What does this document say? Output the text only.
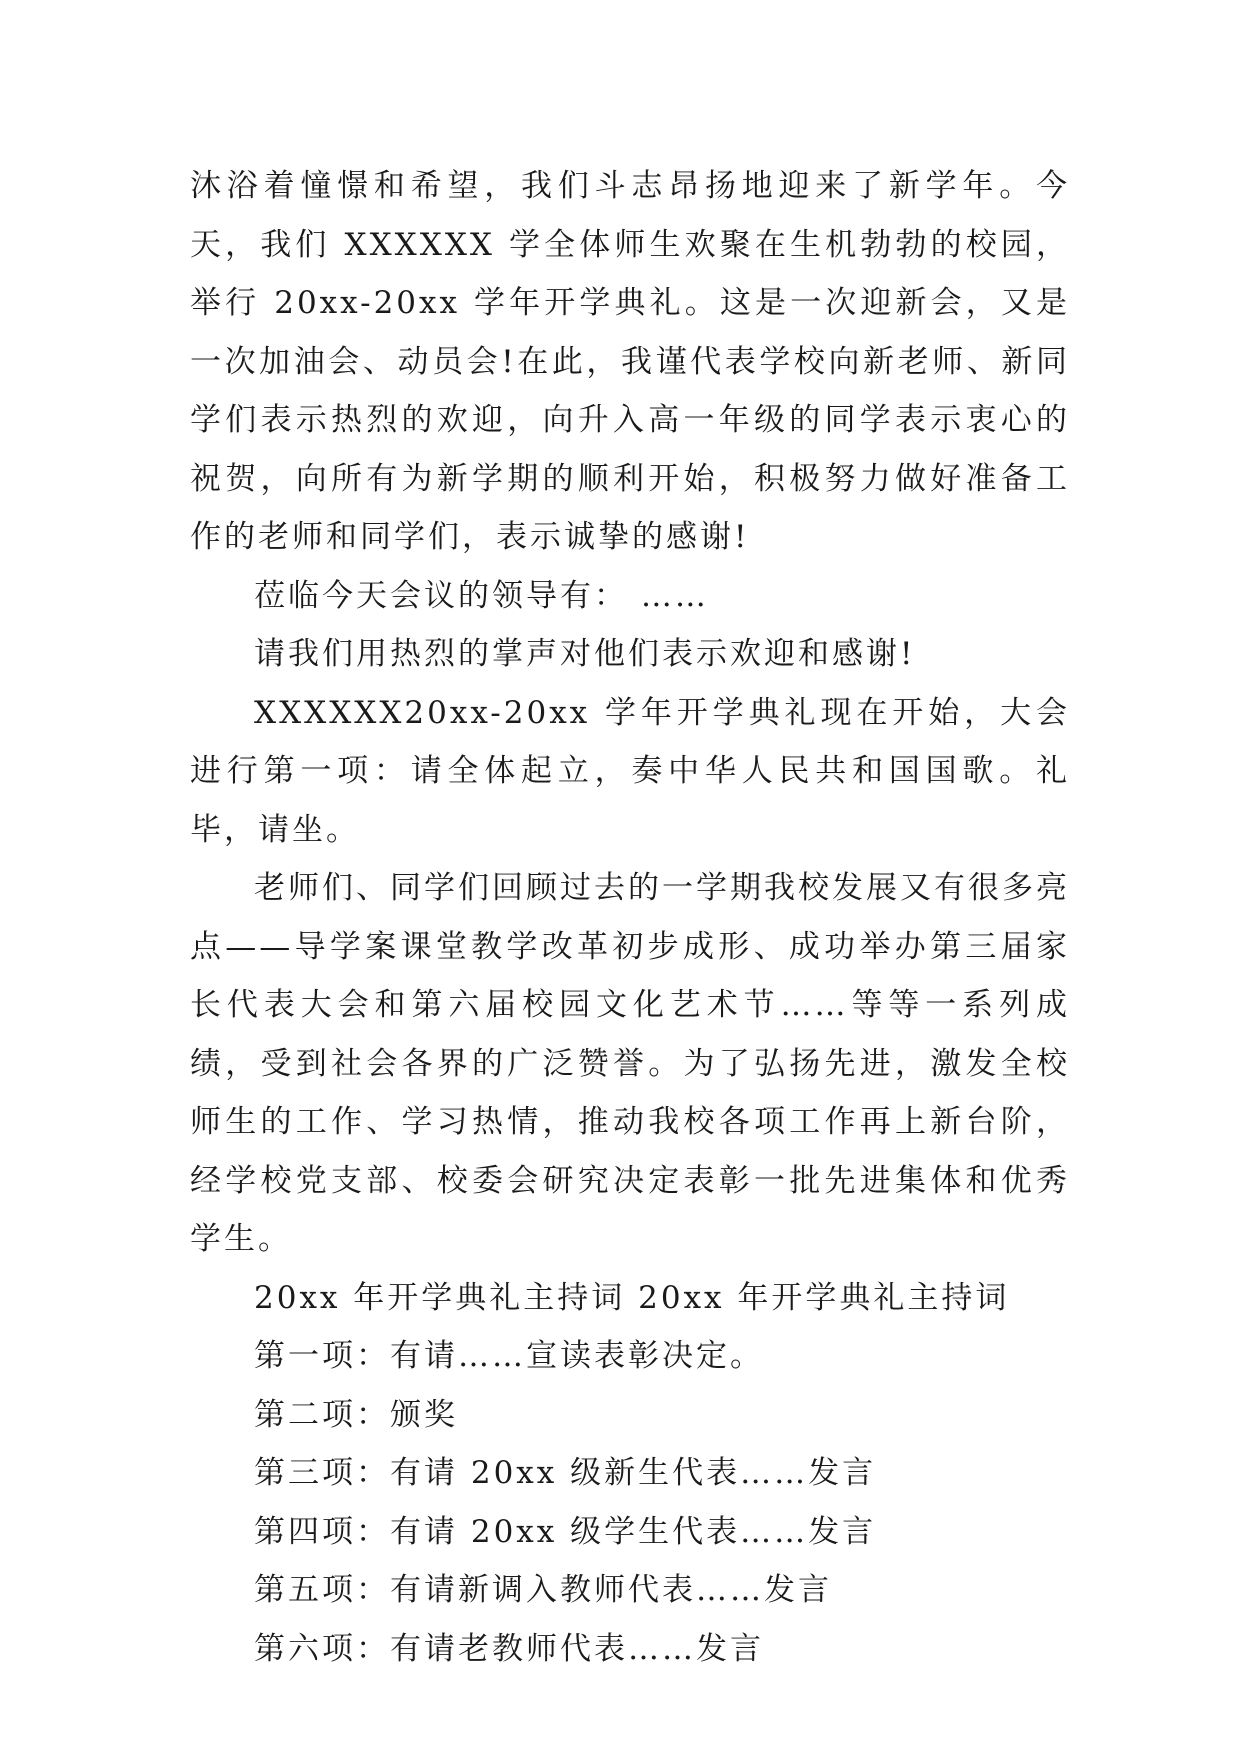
沐浴着憧憬和希望，我们斗志昂扬地迎来了新学年。今天，我们 XXXXXX 学全体师生欢聚在生机勃勃的校园，举行 20xx-20xx 学年开学典礼。这是一次迎新会，又是一次加油会、动员会!在此，我谨代表学校向新老师、新同学们表示热烈的欢迎，向升入高一年级的同学表示衷心的祝贺，向所有为新学期的顺利开始，积极努力做好准备工作的老师和同学们，表示诚挚的感谢!

莅临今天会议的领导有： ……

请我们用热烈的掌声对他们表示欢迎和感谢!

XXXXXX20xx-20xx 学年开学典礼现在开始，大会进行第一项：请全体起立，奏中华人民共和国国歌。礼毕，请坐。

老师们、同学们回顾过去的一学期我校发展又有很多亮点——导学案课堂教学改革初步成形、成功举办第三届家长代表大会和第六届校园文化艺术节……等等一系列成绩，受到社会各界的广泛赞誉。为了弘扬先进，激发全校师生的工作、学习热情，推动我校各项工作再上新台阶，经学校党支部、校委会研究决定表彰一批先进集体和优秀学生。

20xx 年开学典礼主持词 20xx 年开学典礼主持词

第一项：有请……宣读表彰决定。

第二项：颁奖

第三项：有请 20xx 级新生代表……发言

第四项：有请 20xx 级学生代表……发言

第五项：有请新调入教师代表……发言

第六项：有请老教师代表……发言
